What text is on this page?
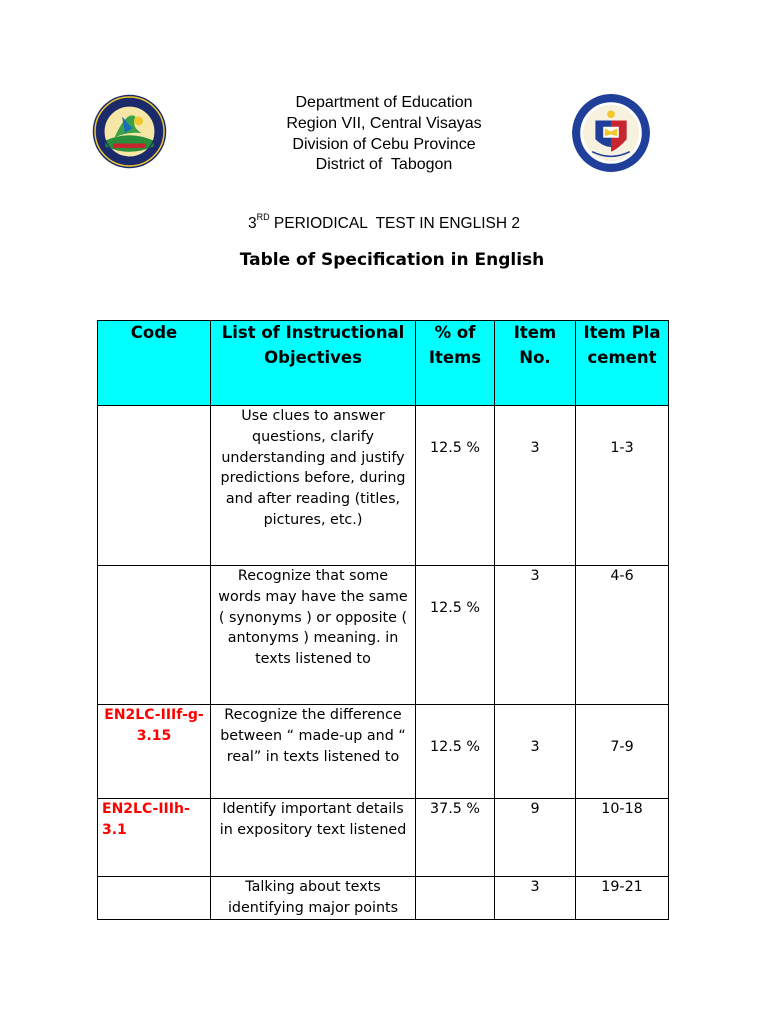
Department of Education
Region VII, Central Visayas
Division of Cebu Province
District of  Tabogon
3RD PERIODICAL  TEST IN ENGLISH 2
Table of Specification in English
Code	List of Instructional Objectives	% of Items	Item No.	Item Placement
	Use clues to answer questions, clarify understanding and justify predictions before, during and after reading (titles, pictures, etc.)	12.5 %	3	1-3
	Recognize that some words may have the same ( synonyms ) or opposite ( antonyms ) meaning. in texts listened to	12.5 %	3	4-6
EN2LC-IIIf-g-3.15	Recognize the difference between “ made-up and “ real” in texts listened to	12.5 %	3	7-9
EN2LC-IIIh-3.1	Identify important details in expository text listened	37.5 %	9	10-18
	Talking about texts identifying major points		3	19-21
